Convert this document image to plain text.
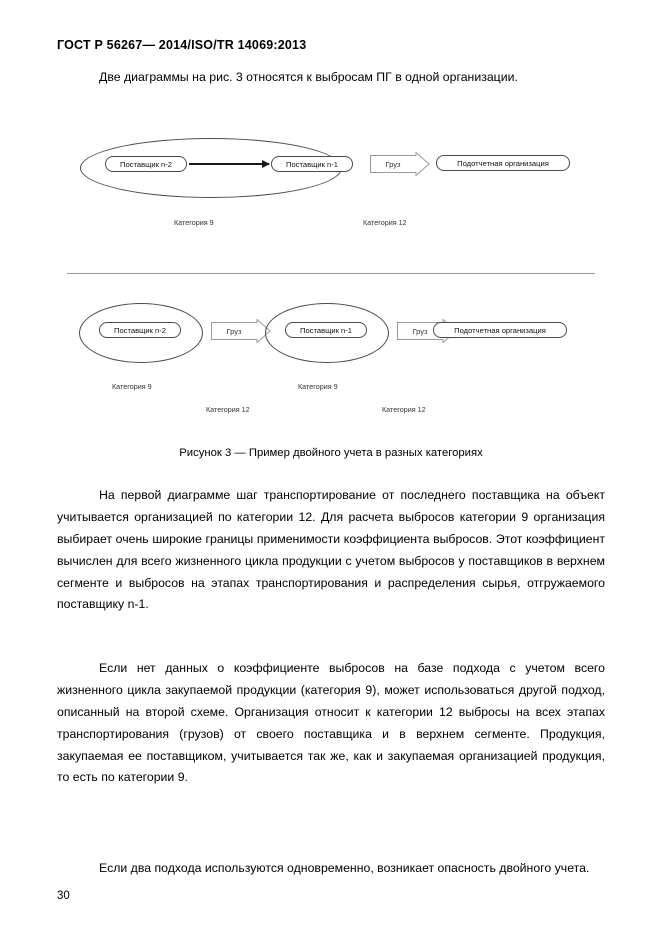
ГОСТ Р 56267— 2014/ISO/TR 14069:2013
Две диаграммы на рис. 3 относятся к выбросам ПГ в одной организации.
Поставщик n-2	Поставщик n-1	Груз	Подотчетная организация
Категория 9	Категория 12
Поставщик n-2	Груз	Поставщик n-1	Груз	Подотчетная организация
Категория 9	Категория 9
Категория 12	Категория 12
Рисунок 3 — Пример двойного учета в разных категориях
На первой диаграмме шаг транспортирование от последнего поставщика на объект учитывается организацией по категории 12. Для расчета выбросов категории 9 организация выбирает очень широкие границы применимости коэффициента выбросов. Этот коэффициент вычислен для всего жизненного цикла продукции с учетом выбросов у поставщиков в верхнем сегменте и выбросов на этапах транспортирования и распределения сырья, отгружаемого поставщику n-1.
Если нет данных о коэффициенте выбросов на базе подхода с учетом всего жизненного цикла закупаемой продукции (категория 9), может использоваться другой подход, описанный на второй схеме. Организация относит к категории 12 выбросы на всех этапах транспортирования (грузов) от своего поставщика и в верхнем сегменте. Продукция, закупаемая ее поставщиком, учитывается так же, как и закупаемая организацией продукция, то есть по категории 9.
Если два подхода используются одновременно, возникает опасность двойного учета.
30
